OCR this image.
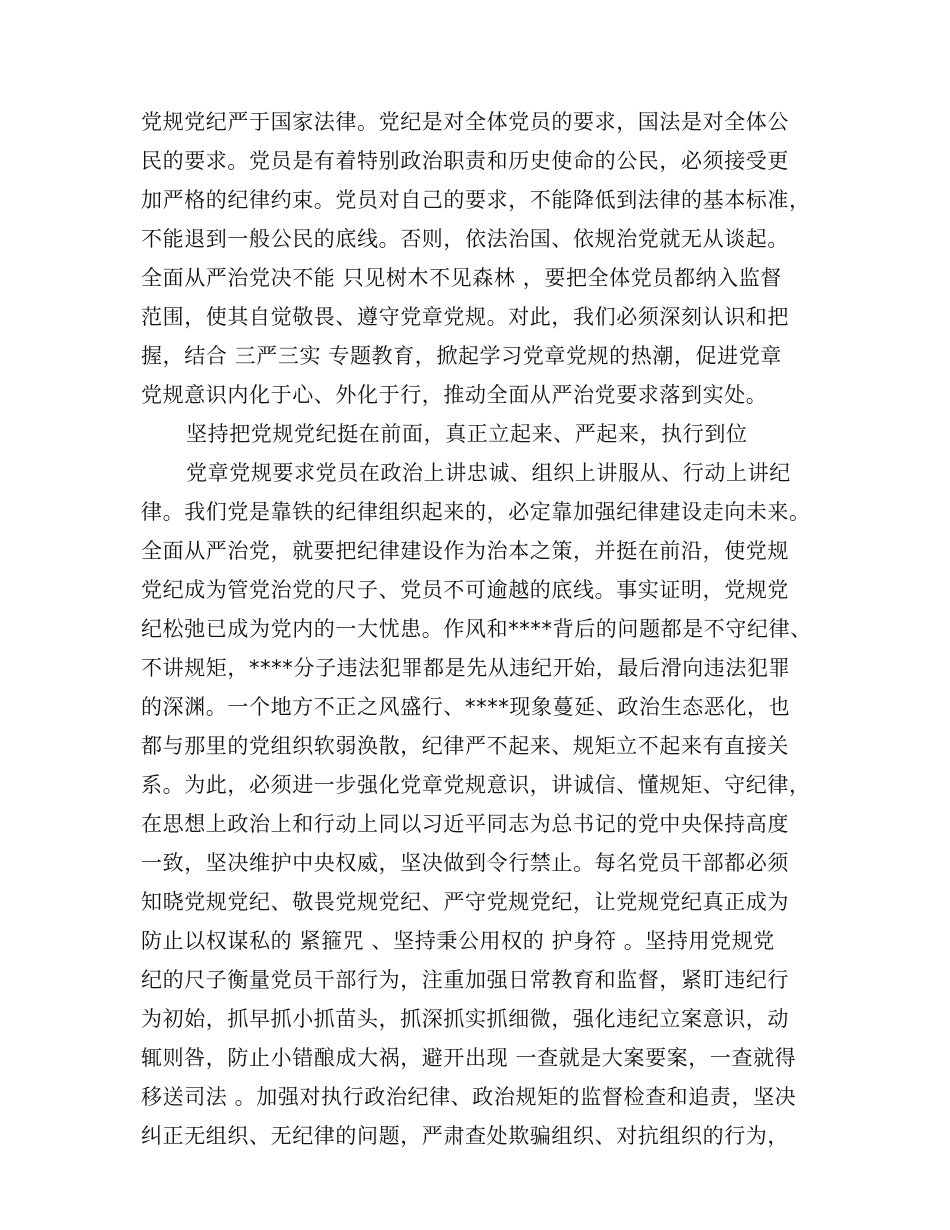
党规党纪严于国家法律。党纪是对全体党员的要求，国法是对全体公
民的要求。党员是有着特别政治职责和历史使命的公民，必须接受更
加严格的纪律约束。党员对自己的要求，不能降低到法律的基本标准，
不能退到一般公民的底线。否则，依法治国、依规治党就无从谈起。
全面从严治党决不能 只见树木不见森林 ，要把全体党员都纳入监督
范围，使其自觉敬畏、遵守党章党规。对此，我们必须深刻认识和把
握，结合 三严三实 专题教育，掀起学习党章党规的热潮，促进党章
党规意识内化于心、外化于行，推动全面从严治党要求落到实处。
坚持把党规党纪挺在前面，真正立起来、严起来，执行到位
党章党规要求党员在政治上讲忠诚、组织上讲服从、行动上讲纪
律。我们党是靠铁的纪律组织起来的，必定靠加强纪律建设走向未来。
全面从严治党，就要把纪律建设作为治本之策，并挺在前沿，使党规
党纪成为管党治党的尺子、党员不可逾越的底线。事实证明，党规党
纪松弛已成为党内的一大忧患。作风和****背后的问题都是不守纪律、
不讲规矩，****分子违法犯罪都是先从违纪开始，最后滑向违法犯罪
的深渊。一个地方不正之风盛行、****现象蔓延、政治生态恶化，也
都与那里的党组织软弱涣散，纪律严不起来、规矩立不起来有直接关
系。为此，必须进一步强化党章党规意识，讲诚信、懂规矩、守纪律，
在思想上政治上和行动上同以习近平同志为总书记的党中央保持高度
一致，坚决维护中央权威，坚决做到令行禁止。每名党员干部都必须
知晓党规党纪、敬畏党规党纪、严守党规党纪，让党规党纪真正成为
防止以权谋私的 紧箍咒 、坚持秉公用权的 护身符 。坚持用党规党
纪的尺子衡量党员干部行为，注重加强日常教育和监督，紧盯违纪行
为初始，抓早抓小抓苗头，抓深抓实抓细微，强化违纪立案意识，动
辄则咎，防止小错酿成大祸，避开出现 一查就是大案要案，一查就得
移送司法 。加强对执行政治纪律、政治规矩的监督检查和追责，坚决
纠正无组织、无纪律的问题，严肃查处欺骗组织、对抗组织的行为，
